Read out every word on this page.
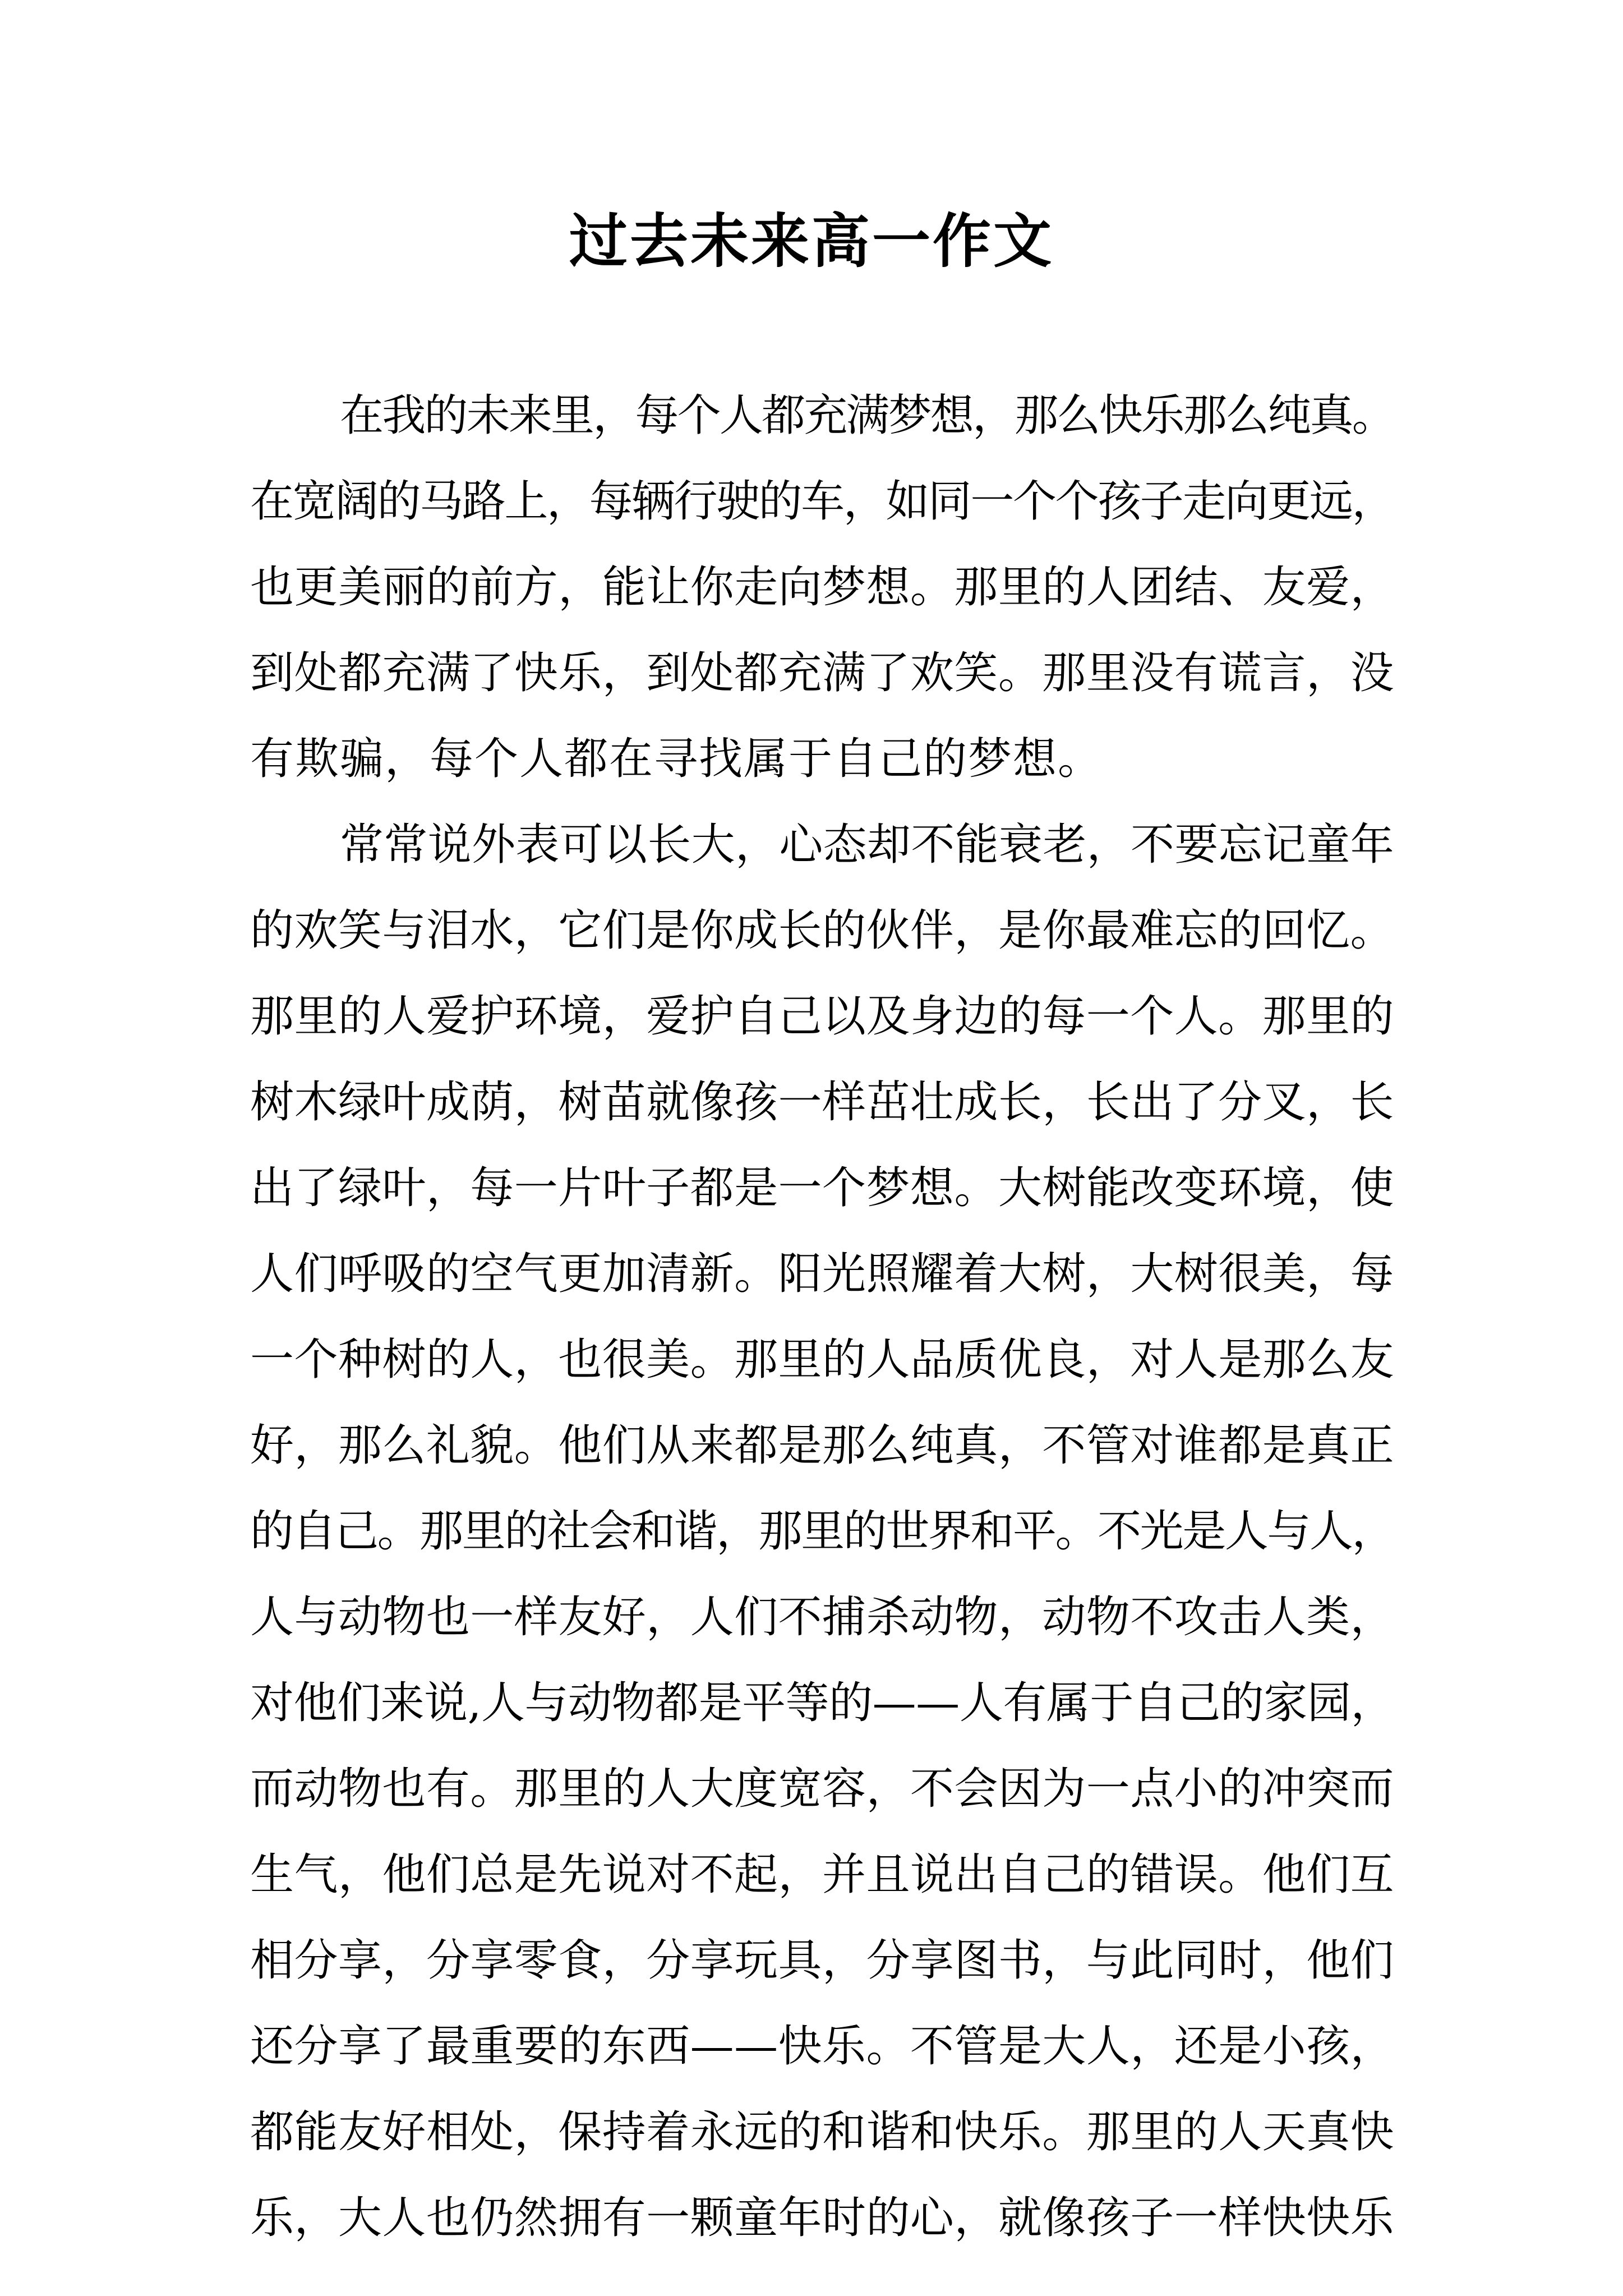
过去未来高一作文
在我的未来里，每个人都充满梦想，那么快乐那么纯真。
在宽阔的马路上，每辆行驶的车，如同一个个孩子走向更远，
也更美丽的前方，能让你走向梦想。那里的人团结、友爱，
到处都充满了快乐，到处都充满了欢笑。那里没有谎言，没
有欺骗，每个人都在寻找属于自己的梦想。
常常说外表可以长大，心态却不能衰老，不要忘记童年
的欢笑与泪水，它们是你成长的伙伴，是你最难忘的回忆。
那里的人爱护环境，爱护自己以及身边的每一个人。那里的
树木绿叶成荫，树苗就像孩一样茁壮成长，长出了分叉，长
出了绿叶，每一片叶子都是一个梦想。大树能改变环境，使
人们呼吸的空气更加清新。阳光照耀着大树，大树很美，每
一个种树的人，也很美。那里的人品质优良，对人是那么友
好，那么礼貌。他们从来都是那么纯真，不管对谁都是真正
的自己。那里的社会和谐，那里的世界和平。不光是人与人，
人与动物也一样友好，人们不捕杀动物，动物不攻击人类，
对他们来说,人与动物都是平等的——人有属于自己的家园，
而动物也有。那里的人大度宽容，不会因为一点小的冲突而
生气，他们总是先说对不起，并且说出自己的错误。他们互
相分享，分享零食，分享玩具，分享图书，与此同时，他们
还分享了最重要的东西——快乐。不管是大人，还是小孩，
都能友好相处，保持着永远的和谐和快乐。那里的人天真快
乐，大人也仍然拥有一颗童年时的心，就像孩子一样快快乐
